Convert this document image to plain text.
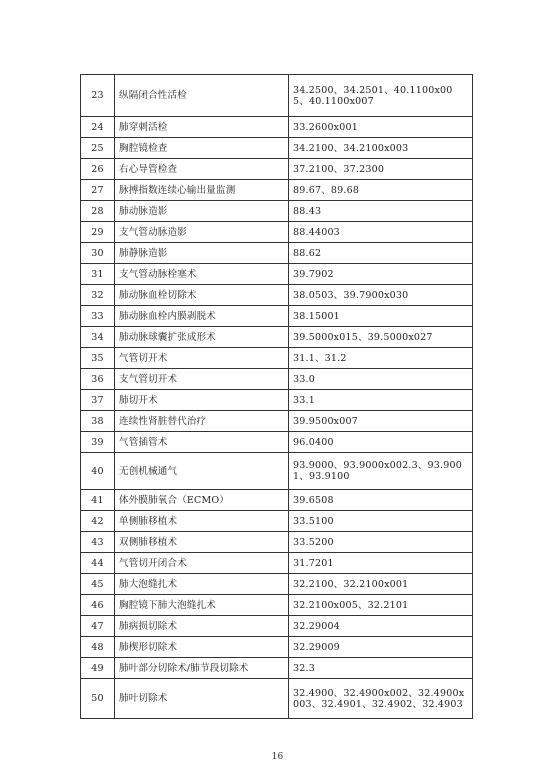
23	纵隔闭合性活检	34.2500、34.2501、40.1100x005、40.1100x007
24	肺穿刺活检	33.2600x001
25	胸腔镜检查	34.2100、34.2100x003
26	右心导管检查	37.2100、37.2300
27	脉搏指数连续心输出量监测	89.67、89.68
28	肺动脉造影	88.43
29	支气管动脉造影	88.44003
30	肺静脉造影	88.62
31	支气管动脉栓塞术	39.7902
32	肺动脉血栓切除术	38.0503、39.7900x030
33	肺动脉血栓内膜剥脱术	38.15001
34	肺动脉球囊扩张成形术	39.5000x015、39.5000x027
35	气管切开术	31.1、31.2
36	支气管切开术	33.0
37	肺切开术	33.1
38	连续性肾脏替代治疗	39.9500x007
39	气管插管术	96.0400
40	无创机械通气	93.9000、93.9000x002.3、93.9001、93.9100
41	体外膜肺氧合（ECMO）	39.6508
42	单侧肺移植术	33.5100
43	双侧肺移植术	33.5200
44	气管切开闭合术	31.7201
45	肺大泡缝扎术	32.2100、32.2100x001
46	胸腔镜下肺大泡缝扎术	32.2100x005、32.2101
47	肺病损切除术	32.29004
48	肺楔形切除术	32.29009
49	肺叶部分切除术/肺节段切除术	32.3
50	肺叶切除术	32.4900、32.4900x002、32.4900x003、32.4901、32.4902、32.4903
16
